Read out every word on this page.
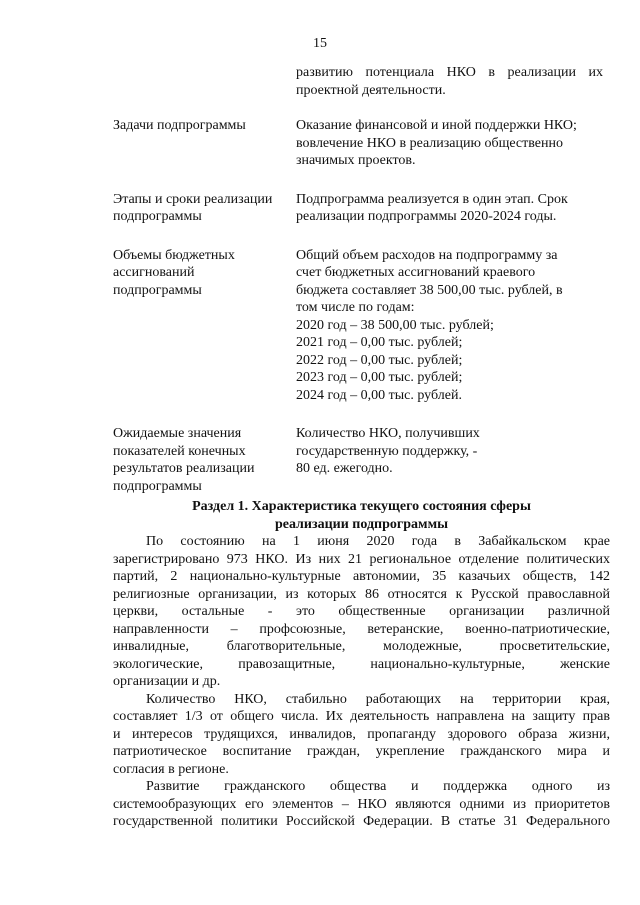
15
развитию потенциала НКО в реализации их
проектной деятельности.
Задачи подпрограммы	Оказание финансовой и иной поддержки НКО;
вовлечение НКО в реализацию общественно
значимых проектов.
Этапы и сроки реализации
подпрограммы
Подпрограмма реализуется в один этап. Срок
реализации подпрограммы 2020-2024 годы.
Объемы бюджетных
ассигнований
подпрограммы
Общий объем расходов на подпрограмму за
счет бюджетных ассигнований краевого
бюджета составляет 38 500,00 тыс. рублей, в
том числе по годам:
2020 год – 38 500,00 тыс. рублей;
2021 год – 0,00 тыс. рублей;
2022 год – 0,00 тыс. рублей;
2023 год – 0,00 тыс. рублей;
2024 год – 0,00 тыс. рублей.
Ожидаемые значения
показателей конечных
результатов реализации
подпрограммы
Количество НКО, получивших
государственную поддержку, -
80 ед. ежегодно.

Раздел 1. Характеристика текущего состояния сферы
реализации подпрограммы

По состоянию на 1 июня 2020 года в Забайкальском крае
зарегистрировано 973 НКО. Из них 21 региональное отделение политических
партий, 2 национально-культурные автономии, 35 казачьих обществ, 142
религиозные организации, из которых 86 относятся к Русской православной
церкви, остальные - это общественные организации различной
направленности – профсоюзные, ветеранские, военно-патриотические,
инвалидные, благотворительные, молодежные, просветительские,
экологические, правозащитные, национально-культурные, женские
организации и др.

Количество НКО, стабильно работающих на территории края,
составляет 1/3 от общего числа. Их деятельность направлена на защиту прав
и интересов трудящихся, инвалидов, пропаганду здорового образа жизни,
патриотическое воспитание граждан, укрепление гражданского мира и
согласия в регионе.

Развитие гражданского общества и поддержка одного из
системообразующих его элементов – НКО являются одними из приоритетов
государственной политики Российской Федерации. В статье 31 Федерального
